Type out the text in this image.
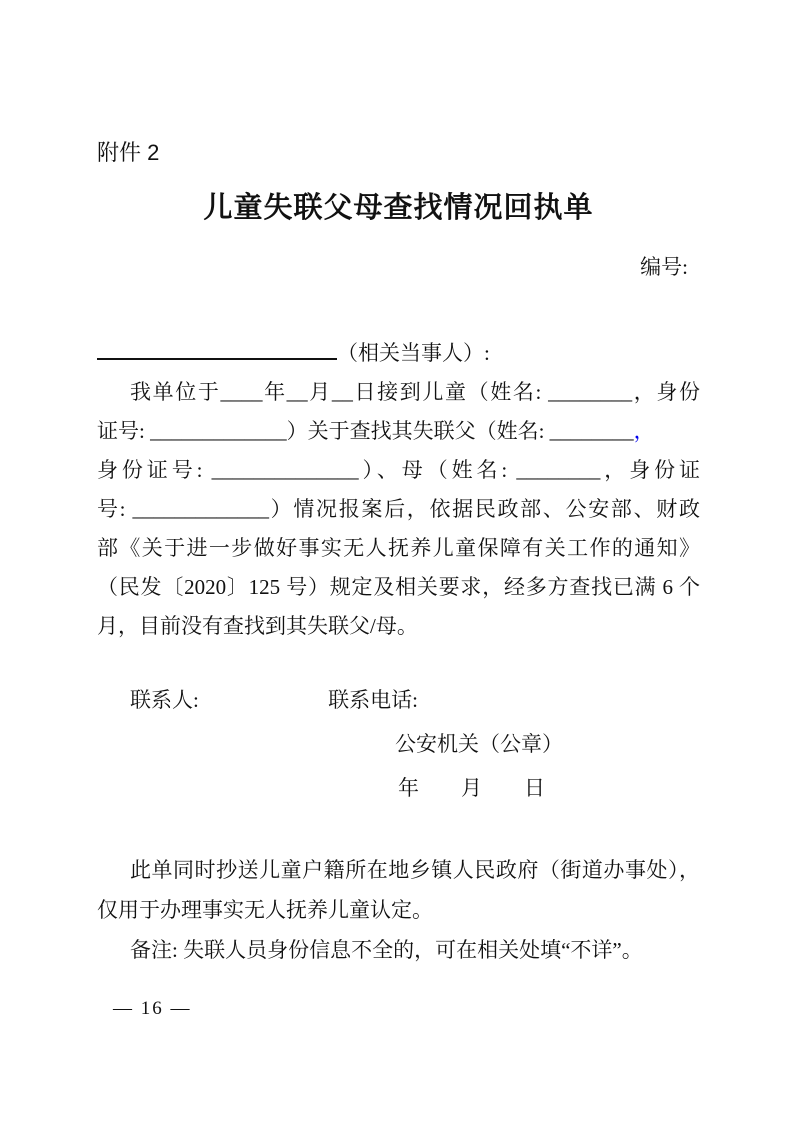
附件 2
儿童失联父母查找情况回执单
编号:
（相关当事人）:
我单位于____年__月__日接到儿童（姓名: ________，身份
证号: _____________）关于查找其失联父（姓名: ________，
身份证号: ______________）、母（姓名: ________，身份证
号: _____________）情况报案后，依据民政部、公安部、财政
部《关于进一步做好事实无人抚养儿童保障有关工作的通知》
（民发〔2020〕125 号）规定及相关要求，经多方查找已满 6 个
月，目前没有查找到其失联父/母。
联系人:	联系电话:
公安机关（公章）
年　　月　　日
此单同时抄送儿童户籍所在地乡镇人民政府（街道办事处），
仅用于办理事实无人抚养儿童认定。
备注: 失联人员身份信息不全的，可在相关处填“不详”。
— 16 —
